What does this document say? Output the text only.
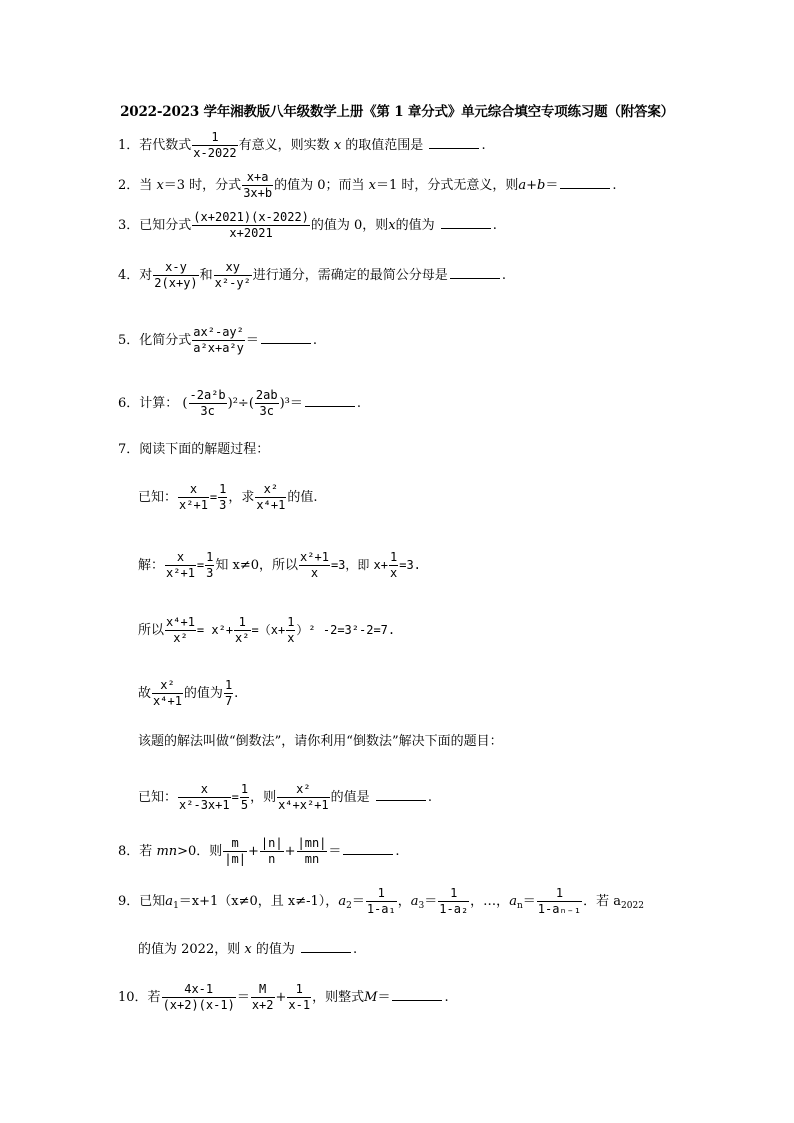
2022-2023 学年湘教版八年级数学上册《第 1 章分式》单元综合填空专项练习题（附答案）
1．若代数式 $\frac{1}{x-2022}$ 有意义，则实数 x 的取值范围是	.
2．当 x＝3 时，分式 $\frac{x+a}{3x+b}$ 的值为 0；而当 x＝1 时，分式无意义，则a+b＝	.
3．已知分式 $\frac{(x+2021)(x-2022)}{x+2021}$ 的值为 0，则x的值为	.
4．对 $\frac{x-y}{2(x+y)}$ 和 $\frac{xy}{\text{x²-y²}}$ 进行通分，需确定的最简公分母是	.
5．化简分式 $\frac{\text{ax²-ay²}}{\text{a²x+a²y}}$ ＝	.
6．计算： ( $\frac{\text{-2a²b}}{3c} )^2\div( \frac{2ab}{3c} )^3=$	.
7．阅读下面的解题过程：
已知： $\frac{x}{\text{x²+1}} = \frac{1}{3}$ ，求 $\frac{\text{x²}}{\text{x⁴+1}}$ 的值.
解： $\frac{x}{\text{x²+1}} = \frac{1}{3}$ 知 x≠0，所以 $\frac{\text{x²+1}}{x} =3$，即 $x+ \frac{1}{x} =3$.
所以 $\frac{\text{x⁴+1}}{\text{x²}} = x^2+ \frac{1}{\text{x²}} =(x+ \frac{1}{x} )^2$ -2=3²-2=7.
故 $\frac{\text{x²}}{\text{x⁴+1}}$ 的值为 $\frac{1}{7}$ .
该题的解法叫做“倒数法”，请你利用“倒数法”解决下面的题目：
已知： $\frac{x}{\text{x²-3x+1}} = \frac{1}{5}$ ，则 $\frac{\text{x²}}{\text{x⁴+x²+1}}$ 的值是	.
8．若 mn>0．则 $\frac{m}{|m|} + \frac{|n|}{n} + \frac{|mn|}{mn}$ ＝	.
9．已知$a_1=x+1(x\ne 0$，且 x≠-1），$a_2= \frac{1}{\text{1-a₁}}$ ，$a_3= \frac{1}{\text{1-a₂}}$ ，…，$a_n= \frac{1}{\text{1-aₙ₋₁}}$ ．若 $a_{2022}$
的值为 2022，则 x 的值为	.
10．若 $\frac{4x-1}{(x+2)(x-1)} = \frac{M}{x+2} + \frac{1}{x-1}$ ，则整式M＝	.
